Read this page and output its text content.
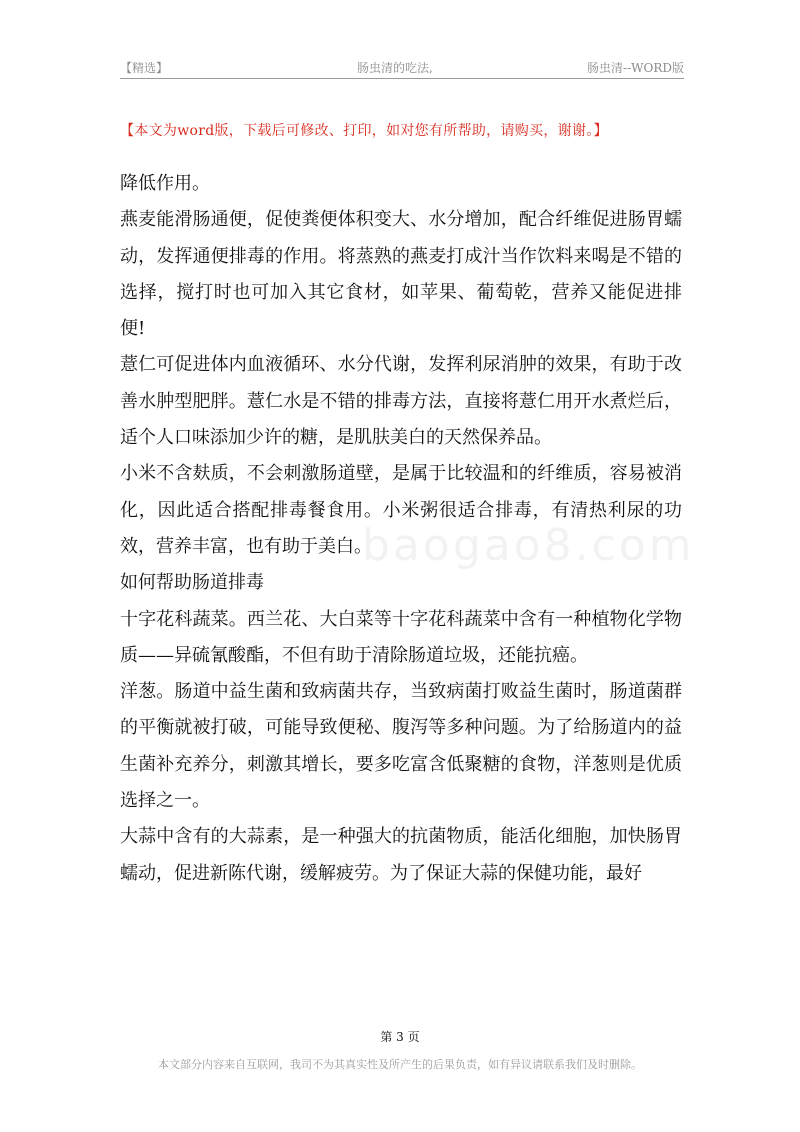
【精选】	肠虫清的吃法,	肠虫清--WORD版
【本文为word版，下载后可修改、打印，如对您有所帮助，请购买，谢谢。】
baogao8.com

降低作用。

燕麦能滑肠通便，促使粪便体积变大、水分增加，配合纤维促进肠胃蠕动，发挥通便排毒的作用。将蒸熟的燕麦打成汁当作饮料来喝是不错的选择，搅打时也可加入其它食材，如苹果、葡萄乾，营养又能促进排便!

薏仁可促进体内血液循环、水分代谢，发挥利尿消肿的效果，有助于改善水肿型肥胖。薏仁水是不错的排毒方法，直接将薏仁用开水煮烂后，适个人口味添加少许的糖，是肌肤美白的天然保养品。

小米不含麸质，不会刺激肠道壁，是属于比较温和的纤维质，容易被消化，因此适合搭配排毒餐食用。小米粥很适合排毒，有清热利尿的功效，营养丰富，也有助于美白。

如何帮助肠道排毒

十字花科蔬菜。西兰花、大白菜等十字花科蔬菜中含有一种植物化学物质——异硫氰酸酯，不但有助于清除肠道垃圾，还能抗癌。

洋葱。肠道中益生菌和致病菌共存，当致病菌打败益生菌时，肠道菌群的平衡就被打破，可能导致便秘、腹泻等多种问题。为了给肠道内的益生菌补充养分，刺激其增长，要多吃富含低聚糖的食物，洋葱则是优质选择之一。

大蒜中含有的大蒜素，是一种强大的抗菌物质，能活化细胞，加快肠胃蠕动，促进新陈代谢，缓解疲劳。为了保证大蒜的保健功能，最好

第 3 页
本文部分内容来自互联网，我司不为其真实性及所产生的后果负责，如有异议请联系我们及时删除。
